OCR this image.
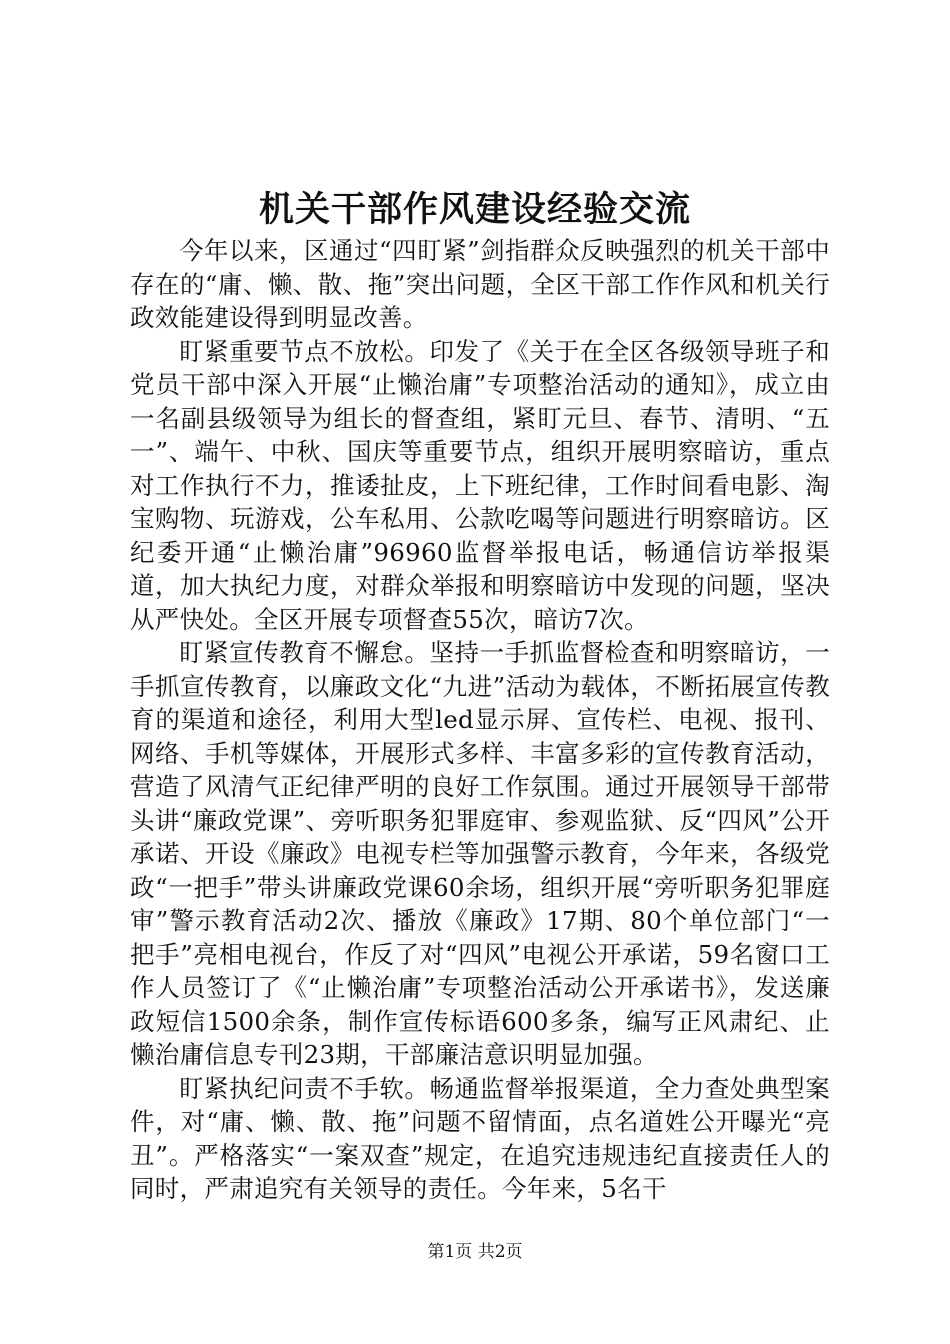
机关干部作风建设经验交流

今年以来，区通过“四盯紧”剑指群众反映强烈的机关干部中存在的“庸、懒、散、拖”突出问题，全区干部工作作风和机关行政效能建设得到明显改善。

盯紧重要节点不放松。印发了《关于在全区各级领导班子和党员干部中深入开展“止懒治庸”专项整治活动的通知》，成立由一名副县级领导为组长的督查组，紧盯元旦、春节、清明、“五一”、端午、中秋、国庆等重要节点，组织开展明察暗访，重点对工作执行不力，推诿扯皮，上下班纪律，工作时间看电影、淘宝购物、玩游戏，公车私用、公款吃喝等问题进行明察暗访。区纪委开通“止懒治庸”96960监督举报电话，畅通信访举报渠道，加大执纪力度，对群众举报和明察暗访中发现的问题，坚决从严快处。全区开展专项督查55次，暗访7次。

盯紧宣传教育不懈怠。坚持一手抓监督检查和明察暗访，一手抓宣传教育，以廉政文化“九进”活动为载体，不断拓展宣传教育的渠道和途径，利用大型led显示屏、宣传栏、电视、报刊、网络、手机等媒体，开展形式多样、丰富多彩的宣传教育活动，营造了风清气正纪律严明的良好工作氛围。通过开展领导干部带头讲“廉政党课”、旁听职务犯罪庭审、参观监狱、反“四风”公开承诺、开设《廉政》电视专栏等加强警示教育，今年来，各级党政“一把手”带头讲廉政党课60余场，组织开展“旁听职务犯罪庭审”警示教育活动2次、播放《廉政》17期、80个单位部门“一把手”亮相电视台，作反了对“四风”电视公开承诺，59名窗口工作人员签订了《“止懒治庸”专项整治活动公开承诺书》，发送廉政短信1500余条，制作宣传标语600多条，编写正风肃纪、止懒治庸信息专刊23期，干部廉洁意识明显加强。

盯紧执纪问责不手软。畅通监督举报渠道，全力查处典型案件，对“庸、懒、散、拖”问题不留情面，点名道姓公开曝光“亮丑”。严格落实“一案双查”规定，在追究违规违纪直接责任人的同时，严肃追究有关领导的责任。今年来，5名干

第1页 共2页
